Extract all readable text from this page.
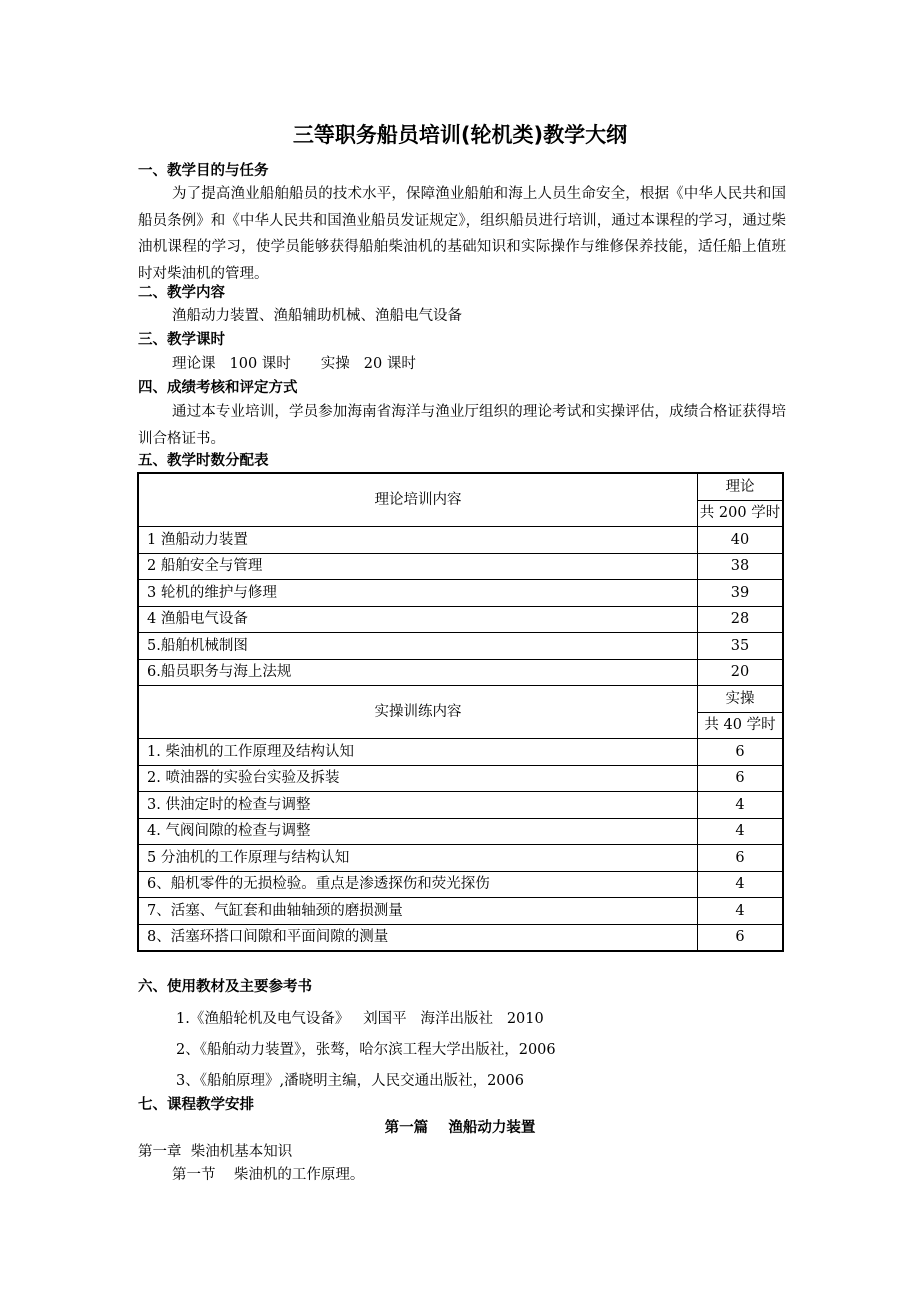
三等职务船员培训(轮机类)教学大纲
一、教学目的与任务
为了提高渔业船舶船员的技术水平，保障渔业船舶和海上人员生命安全，根据《中华人民共和国船员条例》和《中华人民共和国渔业船员发证规定》，组织船员进行培训，通过本课程的学习，通过柴油机课程的学习，使学员能够获得船舶柴油机的基础知识和实际操作与维修保养技能，适任船上值班时对柴油机的管理。
二、教学内容
渔船动力装置、渔船辅助机械、渔船电气设备
三、教学课时
理论课 100 课时 实操 20 课时
四、成绩考核和评定方式
通过本专业培训，学员参加海南省海洋与渔业厅组织的理论考试和实操评估，成绩合格证获得培训合格证书。
五、教学时数分配表
理论培训内容	理论
	共 200 学时
1 渔船动力装置	40
2 船舶安全与管理	38
3 轮机的维护与修理	39
4 渔船电气设备	28
5.船舶机械制图	35
6.船员职务与海上法规	20
实操训练内容	实操
	共 40 学时
1. 柴油机的工作原理及结构认知	6
2. 喷油器的实验台实验及拆装	6
3. 供油定时的检查与调整	4
4. 气阀间隙的检查与调整	4
5 分油机的工作原理与结构认知	6
6、船机零件的无损检验。重点是渗透探伤和荧光探伤	4
7、活塞、气缸套和曲轴轴颈的磨损测量	4
8、活塞环搭口间隙和平面间隙的测量	6
六、使用教材及主要参考书
1.《渔船轮机及电气设备》   刘国平   海洋出版社   2010
2、《船舶动力装置》，张骜，哈尔滨工程大学出版社，2006
3、《船舶原理》,潘晓明主编，人民交通出版社，2006
七、课程教学安排
第一篇    渔船动力装置
第一章  柴油机基本知识
第一节    柴油机的工作原理。
